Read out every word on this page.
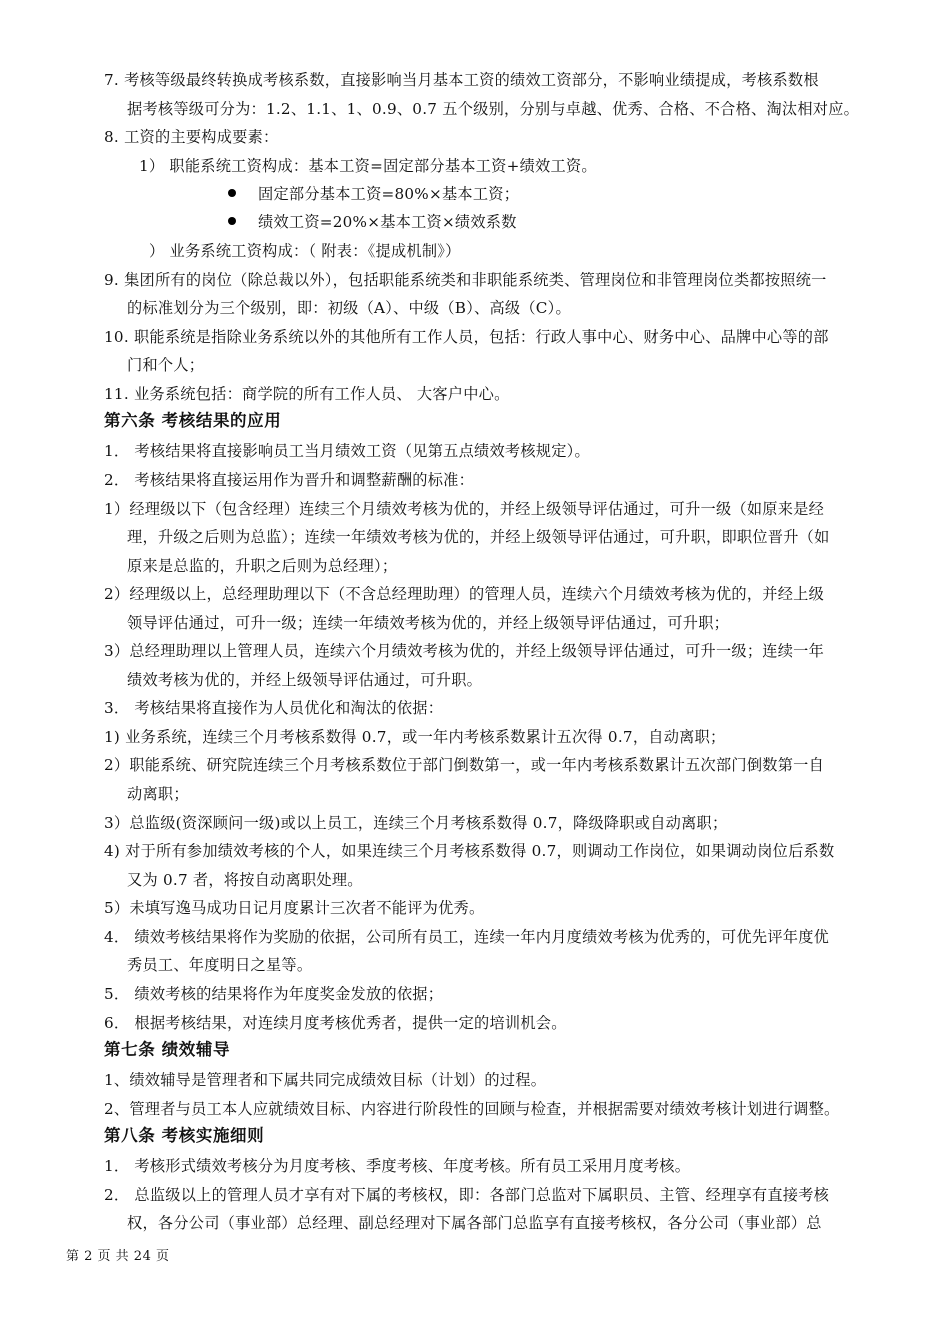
7. 考核等级最终转换成考核系数，直接影响当月基本工资的绩效工资部分，不影响业绩提成，考核系数根
据考核等级可分为：1.2、1.1、1、0.9、0.7 五个级别，分别与卓越、优秀、合格、不合格、淘汰相对应。
8. 工资的主要构成要素：
1） 职能系统工资构成：基本工资=固定部分基本工资+绩效工资。
固定部分基本工资=80%×基本工资；
绩效工资=20%×基本工资×绩效系数
） 业务系统工资构成：（ 附表：《提成机制》）
9. 集团所有的岗位（除总裁以外），包括职能系统类和非职能系统类、管理岗位和非管理岗位类都按照统一
的标准划分为三个级别，即：初级（A）、中级（B）、高级（C）。
10. 职能系统是指除业务系统以外的其他所有工作人员，包括：行政人事中心、财务中心、品牌中心等的部
门和个人；
11. 业务系统包括：商学院的所有工作人员、 大客户中心。
第六条 考核结果的应用
1． 考核结果将直接影响员工当月绩效工资（见第五点绩效考核规定）。
2． 考核结果将直接运用作为晋升和调整薪酬的标准：
1）经理级以下（包含经理）连续三个月绩效考核为优的，并经上级领导评估通过，可升一级（如原来是经
理，升级之后则为总监）；连续一年绩效考核为优的，并经上级领导评估通过，可升职，即职位晋升（如
原来是总监的，升职之后则为总经理）；
2）经理级以上，总经理助理以下（不含总经理助理）的管理人员，连续六个月绩效考核为优的，并经上级
领导评估通过，可升一级；连续一年绩效考核为优的，并经上级领导评估通过，可升职；
3）总经理助理以上管理人员，连续六个月绩效考核为优的，并经上级领导评估通过，可升一级；连续一年
绩效考核为优的，并经上级领导评估通过，可升职。
3． 考核结果将直接作为人员优化和淘汰的依据：
1) 业务系统，连续三个月考核系数得 0.7，或一年内考核系数累计五次得 0.7，自动离职；
2）职能系统、研究院连续三个月考核系数位于部门倒数第一，或一年内考核系数累计五次部门倒数第一自
动离职；
3）总监级(资深顾问一级)或以上员工，连续三个月考核系数得 0.7，降级降职或自动离职；
4) 对于所有参加绩效考核的个人，如果连续三个月考核系数得 0.7，则调动工作岗位，如果调动岗位后系数
又为 0.7 者，将按自动离职处理。
5）未填写逸马成功日记月度累计三次者不能评为优秀。
4． 绩效考核结果将作为奖励的依据，公司所有员工，连续一年内月度绩效考核为优秀的，可优先评年度优
秀员工、年度明日之星等。
5． 绩效考核的结果将作为年度奖金发放的依据；
6． 根据考核结果，对连续月度考核优秀者，提供一定的培训机会。
第七条 绩效辅导
1、绩效辅导是管理者和下属共同完成绩效目标（计划）的过程。
2、管理者与员工本人应就绩效目标、内容进行阶段性的回顾与检查，并根据需要对绩效考核计划进行调整。
第八条 考核实施细则
1． 考核形式绩效考核分为月度考核、季度考核、年度考核。所有员工采用月度考核。
2． 总监级以上的管理人员才享有对下属的考核权，即：各部门总监对下属职员、主管、经理享有直接考核
权，各分公司（事业部）总经理、副总经理对下属各部门总监享有直接考核权，各分公司（事业部）总
第 2 页 共 24 页
